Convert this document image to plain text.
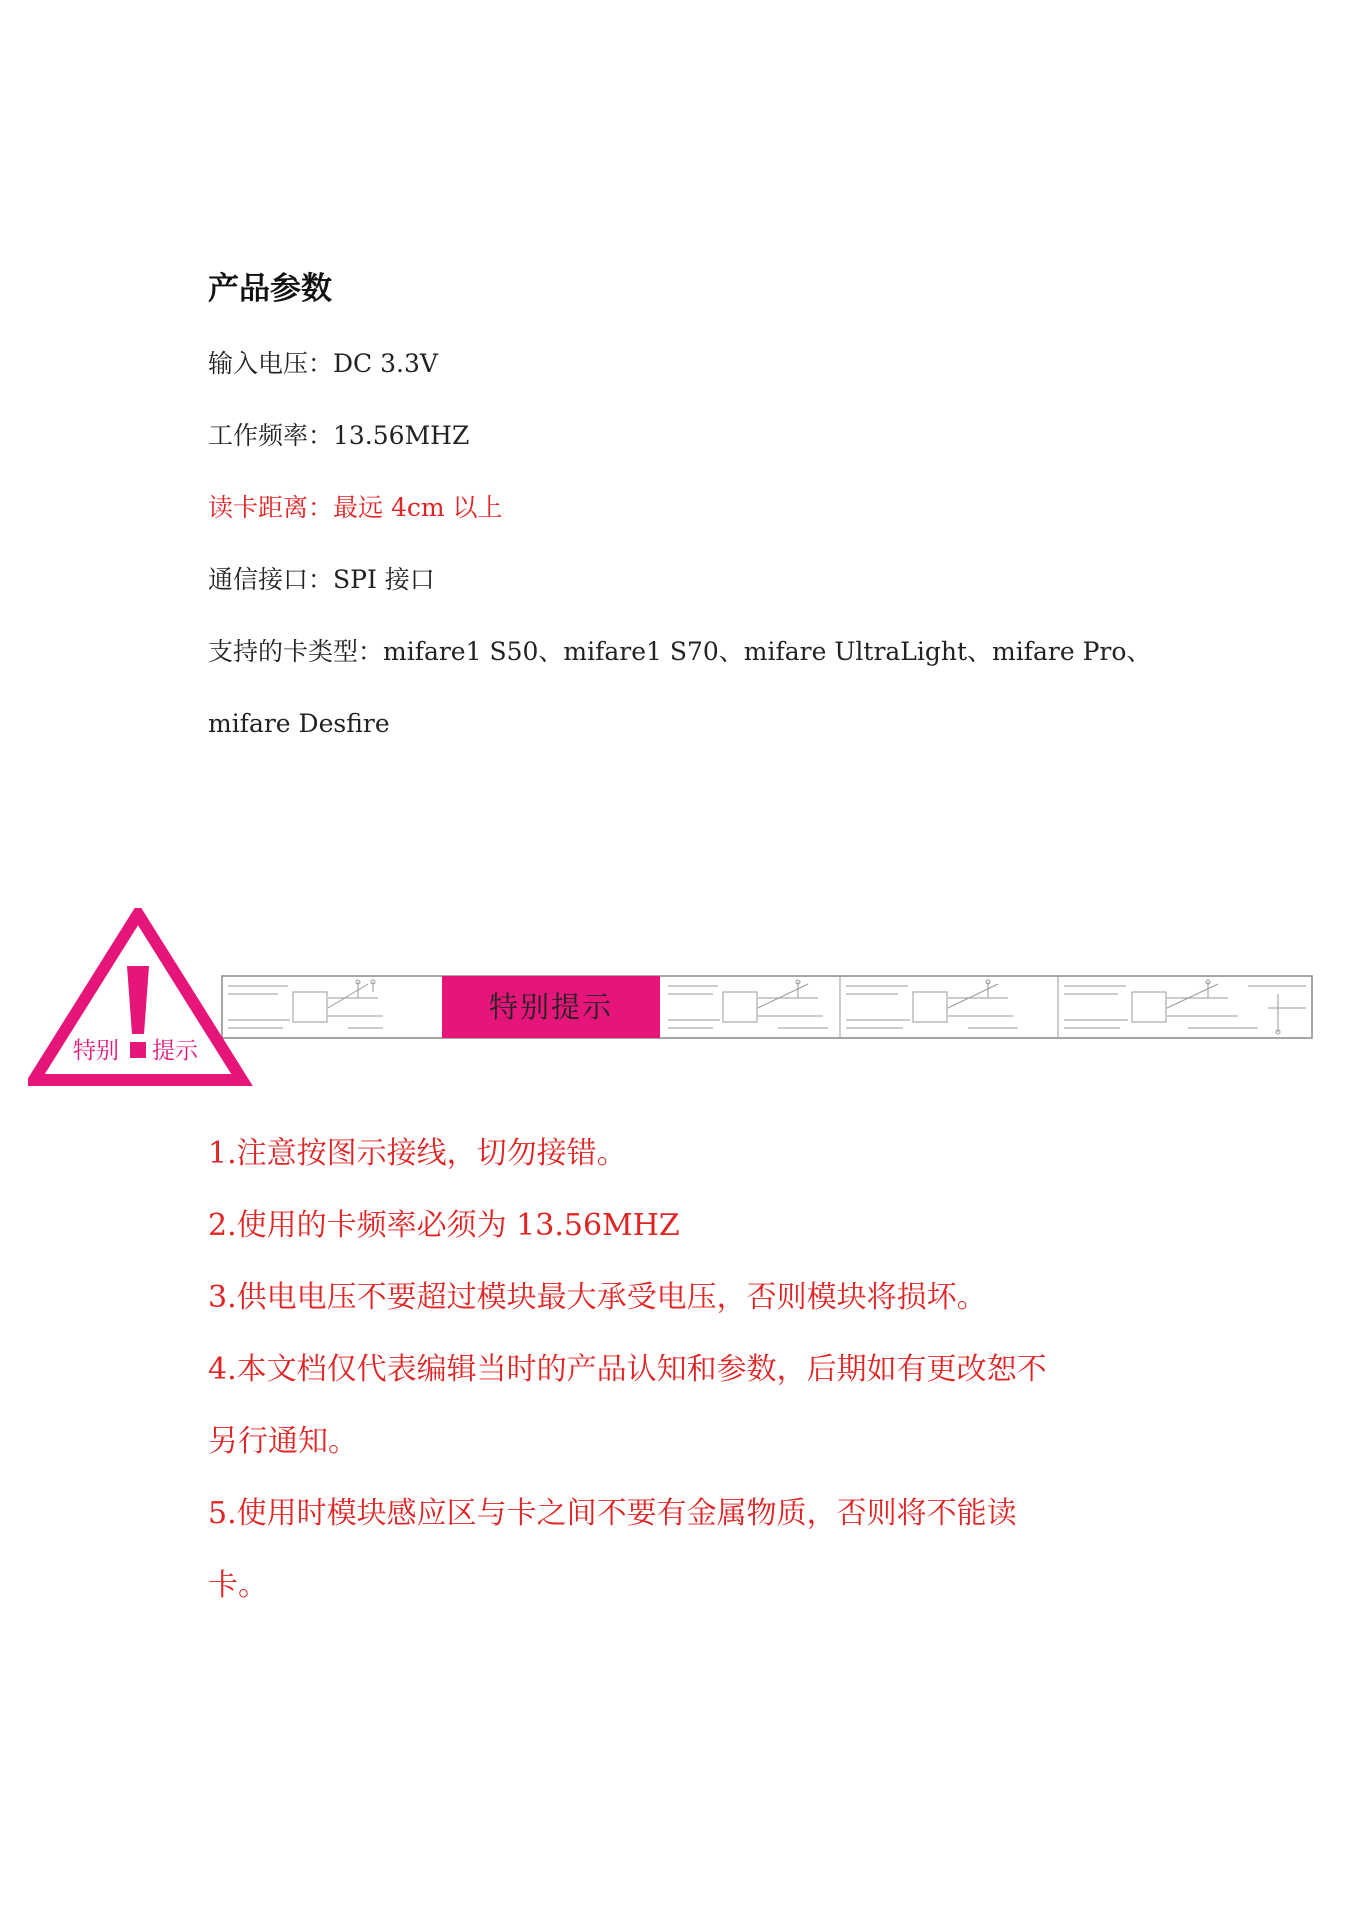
产品参数
输入电压：DC 3.3V
工作频率：13.56MHZ
读卡距离：最远 4cm 以上
通信接口：SPI 接口
支持的卡类型：mifare1 S50、mifare1 S70、mifare UltraLight、mifare Pro、
mifare Desfire
特别 提示
特别提示
1.注意按图示接线，切勿接错。
2.使用的卡频率必须为 13.56MHZ
3.供电电压不要超过模块最大承受电压，否则模块将损坏。
4.本文档仅代表编辑当时的产品认知和参数，后期如有更改恕不
另行通知。
5.使用时模块感应区与卡之间不要有金属物质，否则将不能读
卡。
